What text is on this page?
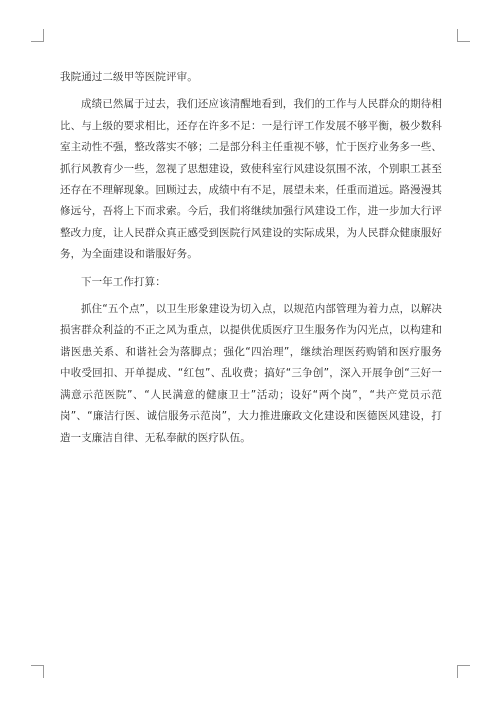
我院通过二级甲等医院评审。

成绩已然属于过去，我们还应该清醒地看到，我们的工作与人民群众的期待相比、与上级的要求相比，还存在许多不足：一是行评工作发展不够平衡，极少数科室主动性不强，整改落实不够；二是部分科主任重视不够，忙于医疗业务多一些、抓行风教育少一些，忽视了思想建设，致使科室行风建设氛围不浓，个别职工甚至还存在不理解现象。回顾过去，成绩中有不足，展望未来，任重而道远。路漫漫其修远兮，吾将上下而求索。今后，我们将继续加强行风建设工作，进一步加大行评整改力度，让人民群众真正感受到医院行风建设的实际成果，为人民群众健康服好务，为全面建设和谐服好务。

下一年工作打算：

抓住“五个点”，以卫生形象建设为切入点，以规范内部管理为着力点，以解决损害群众利益的不正之风为重点，以提供优质医疗卫生服务作为闪光点，以构建和谐医患关系、和谐社会为落脚点；强化“四治理”，继续治理医药购销和医疗服务中收受回扣、开单提成、“红包”、乱收费；搞好“三争创”，深入开展争创“三好一满意示范医院”、“人民满意的健康卫士”活动；设好“两个岗”，“共产党员示范岗”、“廉洁行医、诚信服务示范岗”，大力推进廉政文化建设和医德医风建设，打造一支廉洁自律、无私奉献的医疗队伍。
